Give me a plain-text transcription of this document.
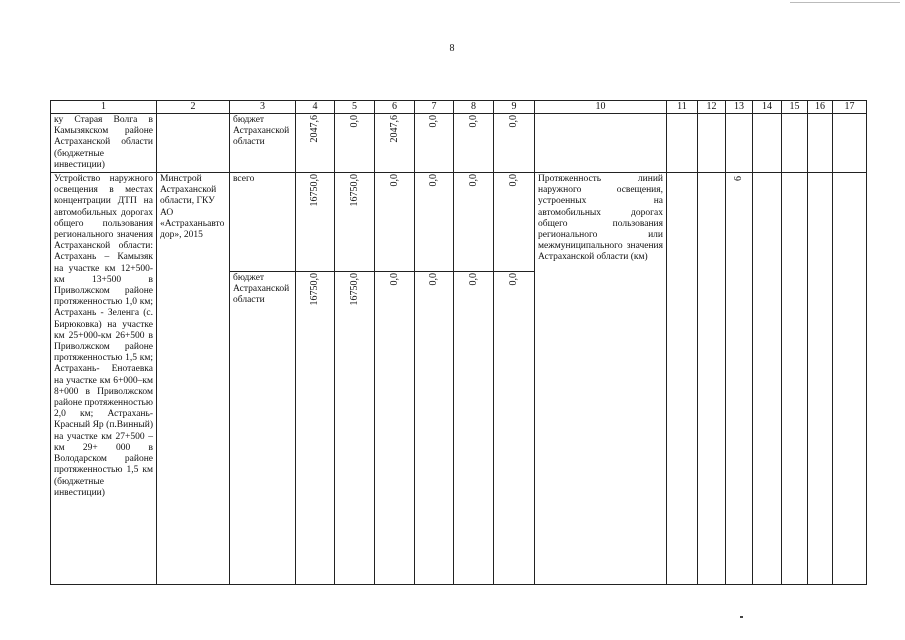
8
1	2	3	4	5	6	7	8	9	10	11	12	13	14	15	16	17
ку Старая Волга в Камызякском районе Астраханской области (бюджетные инвестиции)		бюджет Астраханской области	2047,6	0,0	2047,6	0,0	0,0	0,0								
Устройство наружного освещения в местах концентрации ДТП на автомобильных дорогах общего пользования регионального значения Астраханской области: Астрахань – Камызяк на участке км 12+500-км 13+500 в Приволжском районе протяженностью 1,0 км; Астрахань - Зеленга (с. Бирюковка) на участке км 25+000-км 26+500 в Приволжском районе протяженностью 1,5 км; Астрахань- Енотаевка на участке км 6+000–км 8+000 в Приволжском районе протяженностью 2,0 км; Астрахань-Красный Яр (п.Винный) на участке км 27+500 – км 29+ 000 в Володарском районе протяженностью 1,5 км (бюджетные инвестиции)	Минстрой Астраханской области, ГКУ АО «Астраханьавтодор», 2015	всего	16750,0	16750,0	0,0	0,0	0,0	0,0	Протяженность линий наружного освещения, устроенных на автомобильных дорогах общего пользования регионального или межмуниципального значения Астраханской области (км)			6				
		бюджет Астраханской области	16750,0	16750,0	0,0	0,0	0,0	0,0								
